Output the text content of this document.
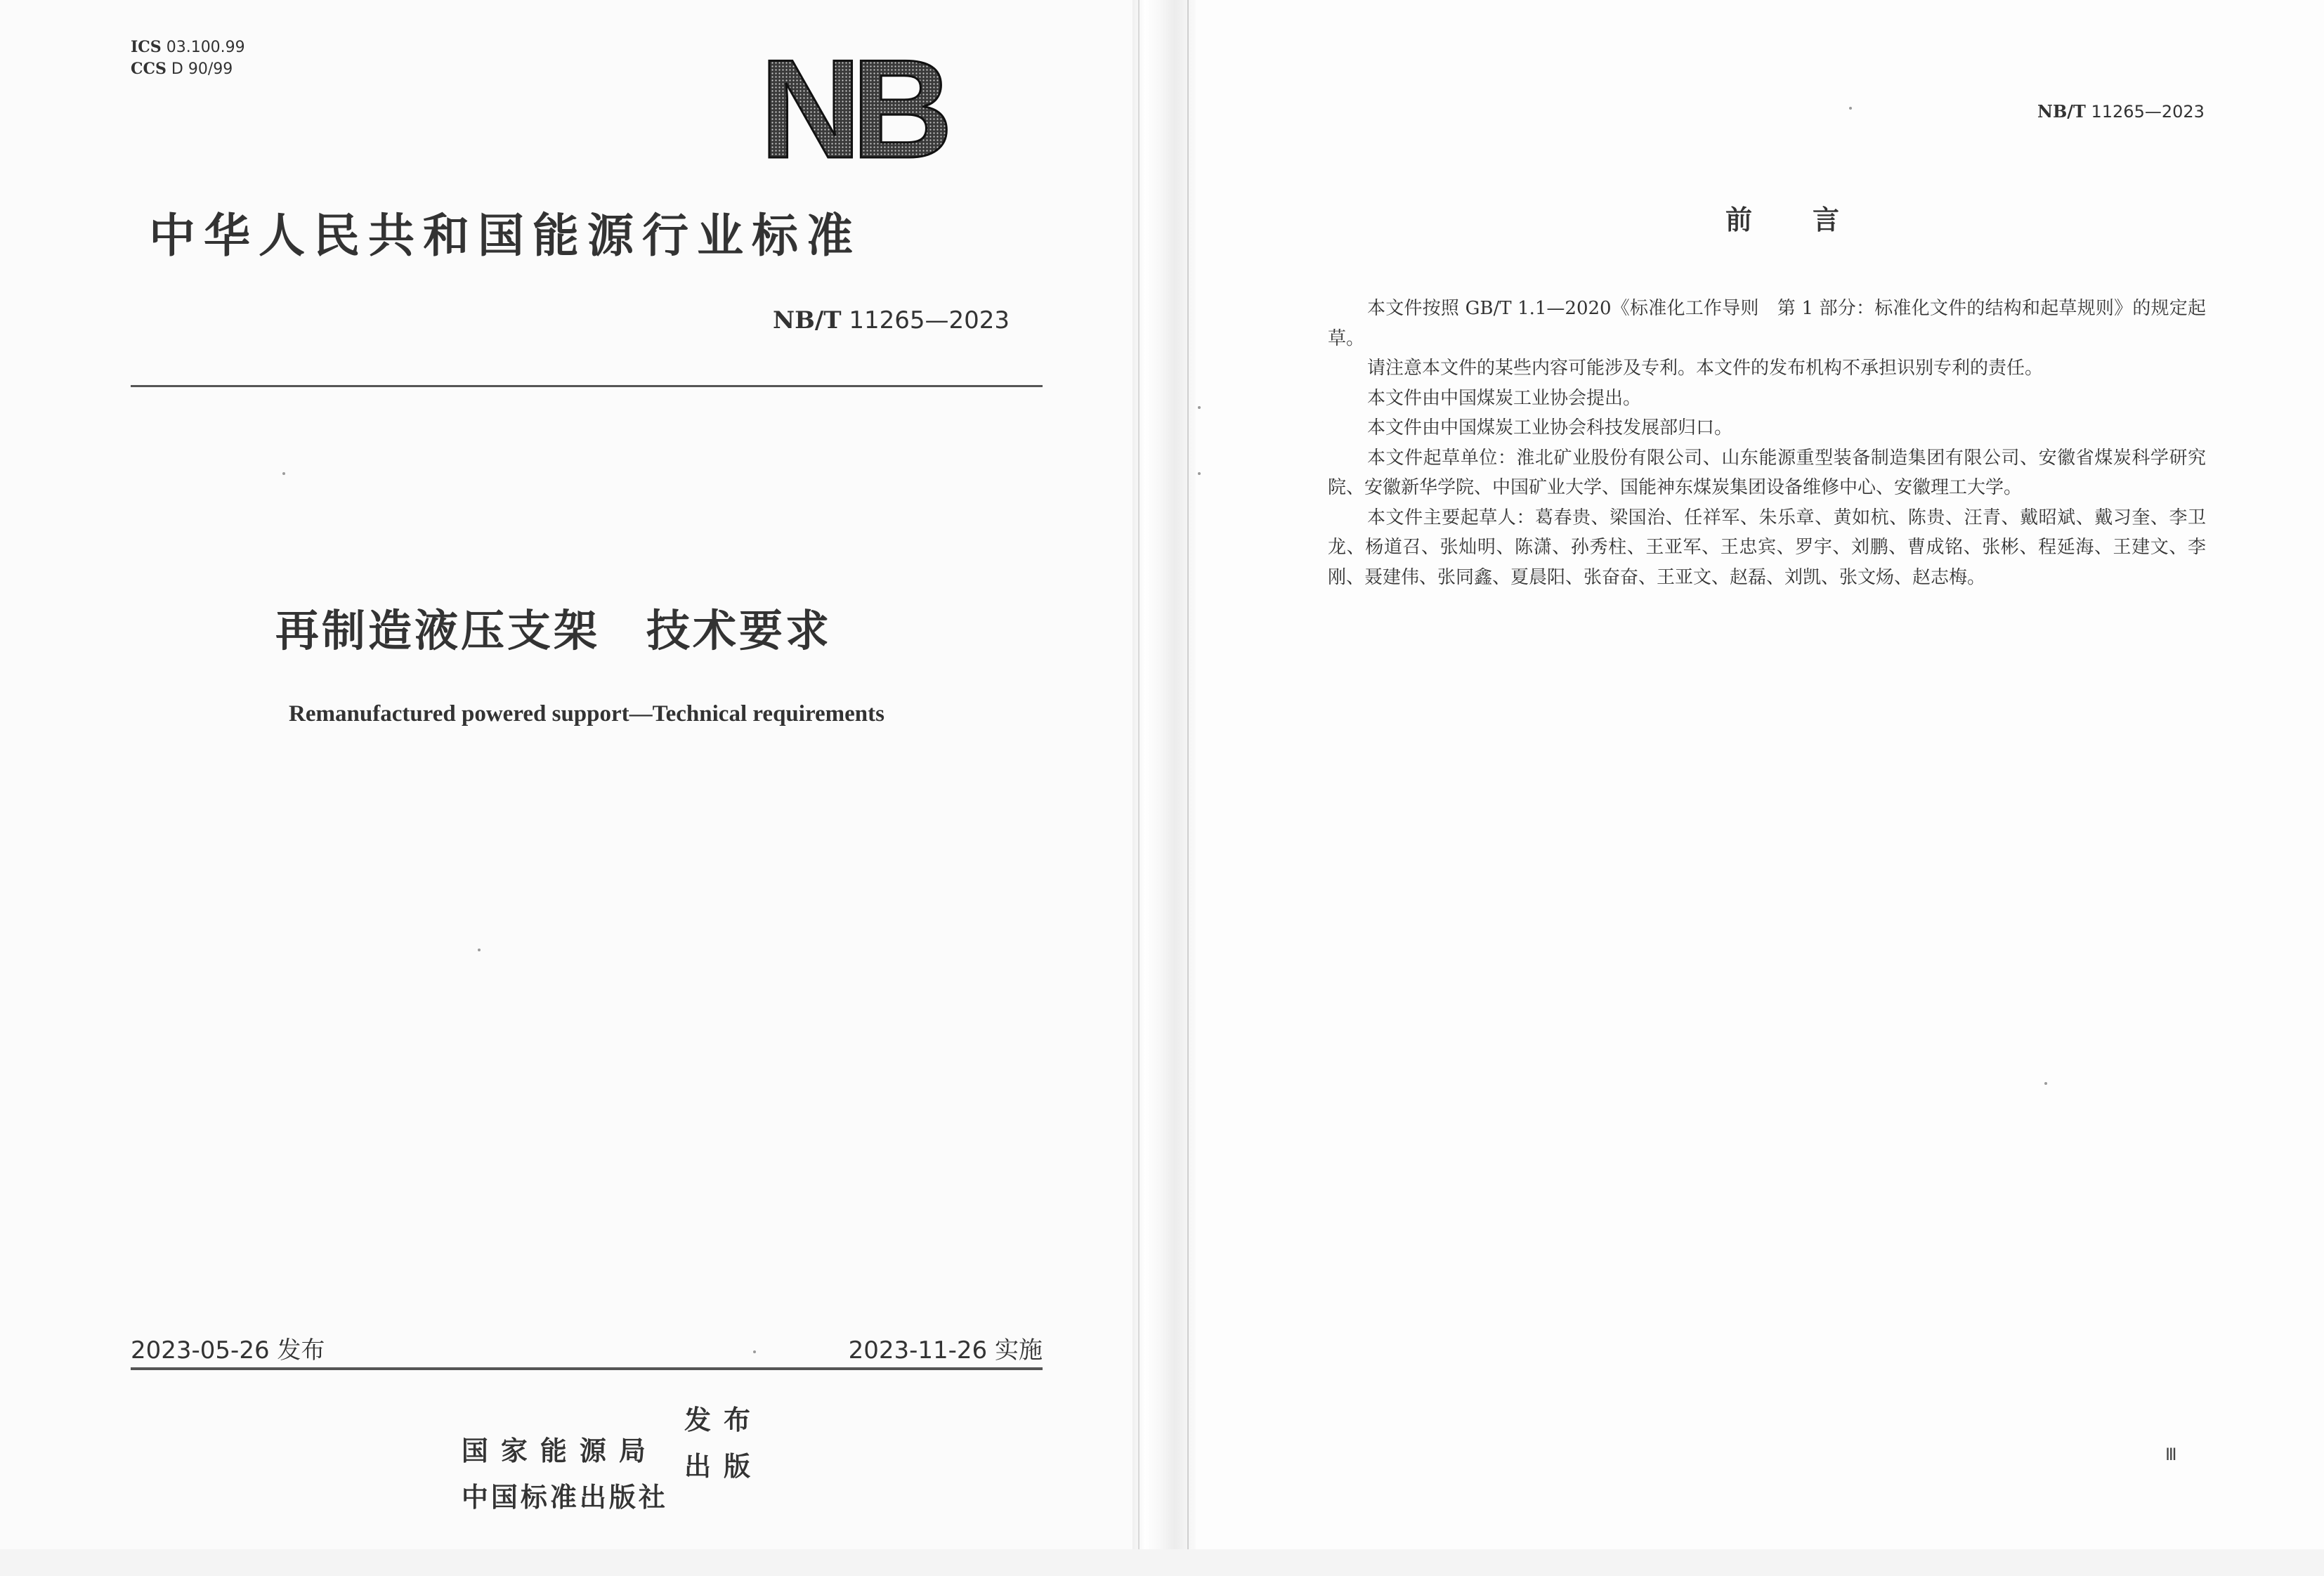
ICS 03.100.99
CCS D 90/99	NB
中华人民共和国能源行业标准
NB/T 11265—2023
再制造液压支架　技术要求
Remanufactured powered support—Technical requirements
2023-05-26 发布	2023-11-26 实施

国家能源局

发布

中国标准出版社

出版

NB/T 11265—2023
前言

本文件按照 GB/T 1.1—2020《标准化工作导则　第 1 部分：标准化文件的结构和起草规则》的规定起草。

请注意本文件的某些内容可能涉及专利。本文件的发布机构不承担识别专利的责任。

本文件由中国煤炭工业协会提出。

本文件由中国煤炭工业协会科技发展部归口。

本文件起草单位：淮北矿业股份有限公司、山东能源重型装备制造集团有限公司、安徽省煤炭科学研究院、安徽新华学院、中国矿业大学、国能神东煤炭集团设备维修中心、安徽理工大学。

本文件主要起草人：葛春贵、梁国治、任祥军、朱乐章、黄如杭、陈贵、汪青、戴昭斌、戴习奎、李卫龙、杨道召、张灿明、陈潇、孙秀柱、王亚军、王忠宾、罗宇、刘鹏、曹成铭、张彬、程延海、王建文、李刚、聂建伟、张同鑫、夏晨阳、张奋奋、王亚文、赵磊、刘凯、张文炀、赵志梅。

Ⅲ
